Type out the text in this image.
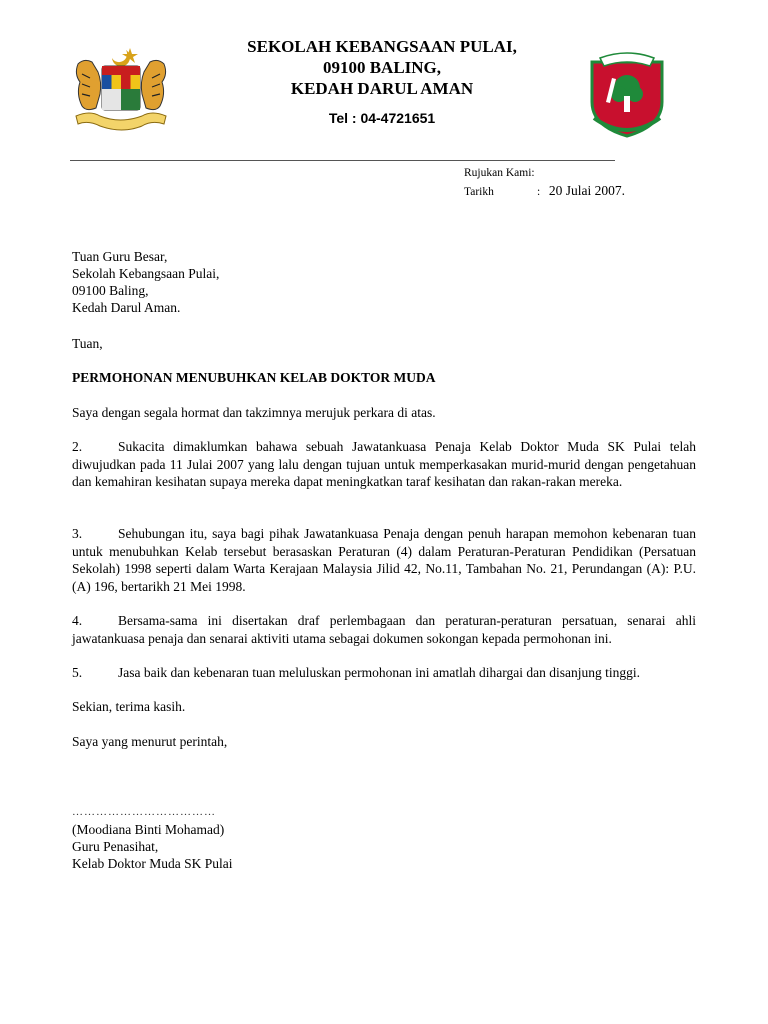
SEKOLAH KEBANGSAAN PULAI,
09100 BALING,
KEDAH DARUL AMAN
Tel : 04-4721651
Rujukan Kami:
Tarikh	: 20 Julai 2007.
Tuan Guru Besar,
Sekolah Kebangsaan Pulai,
09100 Baling,
Kedah Darul Aman.
Tuan,
PERMOHONAN MENUBUHKAN KELAB DOKTOR MUDA
Saya dengan segala hormat dan takzimnya merujuk perkara di atas.
2.	Sukacita dimaklumkan bahawa sebuah Jawatankuasa Penaja Kelab Doktor Muda SK Pulai telah diwujudkan pada 11 Julai 2007 yang lalu dengan tujuan untuk memperkasakan murid-murid dengan pengetahuan dan kemahiran kesihatan supaya mereka dapat meningkatkan taraf kesihatan dan rakan-rakan mereka.
3.	Sehubungan itu, saya bagi pihak Jawatankuasa Penaja dengan penuh harapan memohon kebenaran tuan untuk menubuhkan Kelab tersebut berasaskan Peraturan (4) dalam Peraturan-Peraturan Pendidikan (Persatuan Sekolah) 1998 seperti dalam Warta Kerajaan Malaysia Jilid 42, No.11, Tambahan No. 21, Perundangan (A): P.U.(A) 196, bertarikh 21 Mei 1998.
4.	Bersama-sama ini disertakan draf perlembagaan dan peraturan-peraturan persatuan, senarai ahli jawatankuasa penaja dan senarai aktiviti utama sebagai dokumen sokongan kepada permohonan ini.
5.	Jasa baik dan kebenaran tuan meluluskan permohonan ini amatlah dihargai dan disanjung tinggi.
Sekian, terima kasih.
Saya yang menurut perintah,
………………………………
(Moodiana Binti Mohamad)
Guru Penasihat,
Kelab Doktor Muda SK Pulai
